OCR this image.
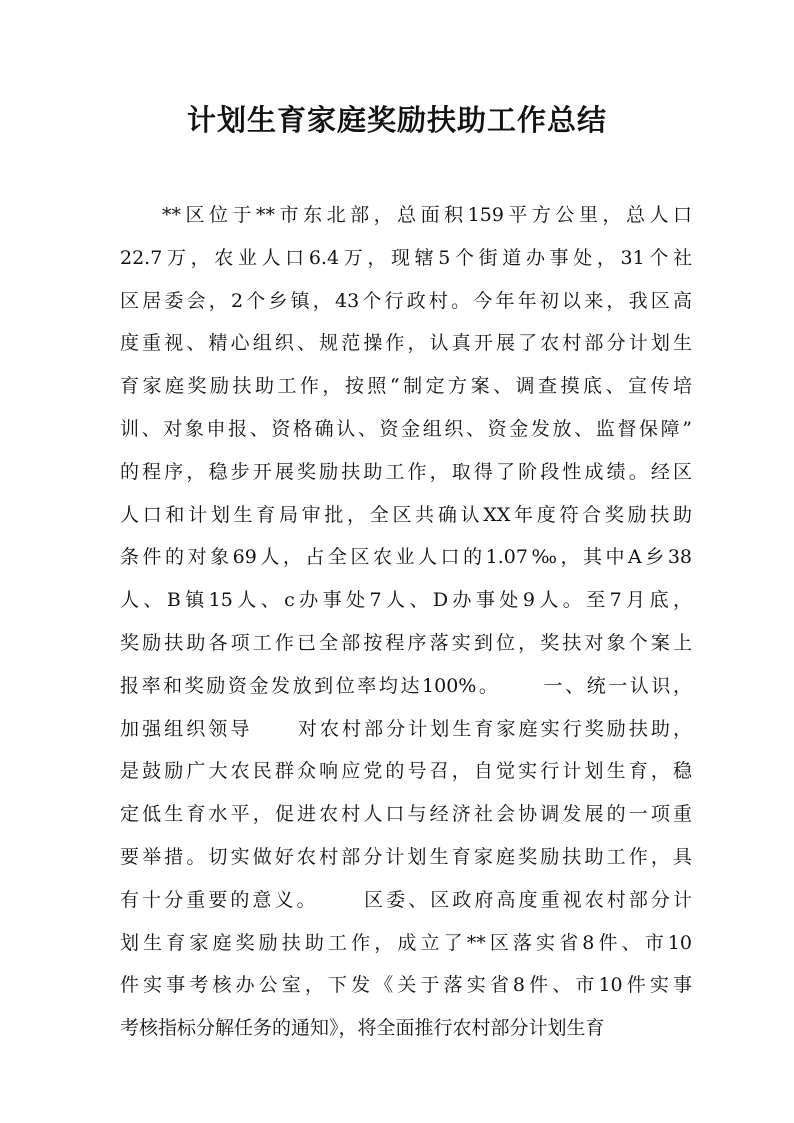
计划生育家庭奖励扶助工作总结
**区位于**市东北部，总面积159平方公里，总人口
22.7万，农业人口6.4万，现辖5个街道办事处，31个社
区居委会，2个乡镇，43个行政村。今年年初以来，我区高
度重视、精心组织、规范操作，认真开展了农村部分计划生
育家庭奖励扶助工作，按照“制定方案、调查摸底、宣传培
训、对象申报、资格确认、资金组织、资金发放、监督保障”
的程序，稳步开展奖励扶助工作，取得了阶段性成绩。经区
人口和计划生育局审批，全区共确认XX年度符合奖励扶助
条件的对象69人，占全区农业人口的1.07‰，其中A乡38
人、B镇15人、c办事处7人、D办事处9人。至7月底，
奖励扶助各项工作已全部按程序落实到位，奖扶对象个案上
报率和奖励资金发放到位率均达100%。     一、统一认识，
加强组织领导     对农村部分计划生育家庭实行奖励扶助，
是鼓励广大农民群众响应党的号召，自觉实行计划生育，稳
定低生育水平，促进农村人口与经济社会协调发展的一项重
要举措。切实做好农村部分计划生育家庭奖励扶助工作，具
有十分重要的意义。     区委、区政府高度重视农村部分计
划生育家庭奖励扶助工作，成立了**区落实省8件、市10
件实事考核办公室，下发《关于落实省8件、市10件实事
考核指标分解任务的通知》，将全面推行农村部分计划生育
